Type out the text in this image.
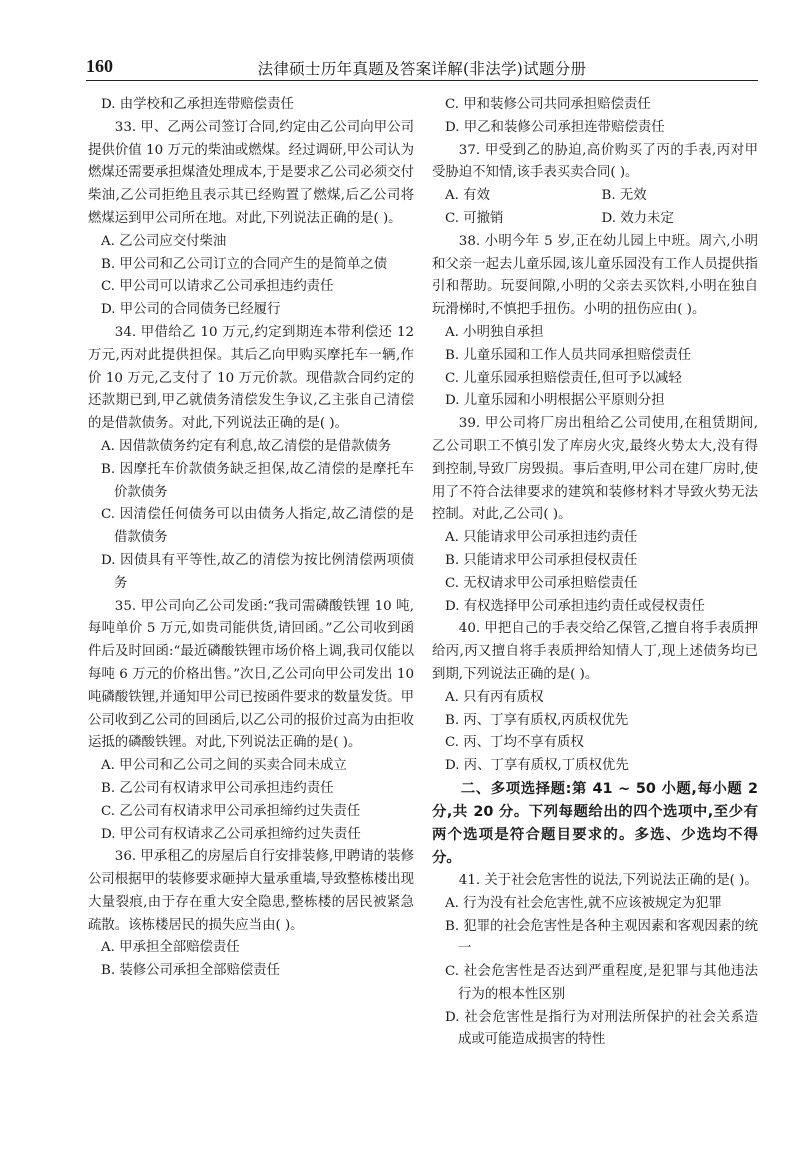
160	法律硕士历年真题及答案详解(非法学)试题分册

D. 由学校和乙承担连带赔偿责任

33. 甲、乙两公司签订合同,约定由乙公司向甲公司提供价值 10 万元的柴油或燃煤。经过调研,甲公司认为燃煤还需要承担煤渣处理成本,于是要求乙公司必须交付柴油,乙公司拒绝且表示其已经购置了燃煤,后乙公司将燃煤运到甲公司所在地。对此,下列说法正确的是( )。

A. 乙公司应交付柴油

B. 甲公司和乙公司订立的合同产生的是简单之债

C. 甲公司可以请求乙公司承担违约责任

D. 甲公司的合同债务已经履行

34. 甲借给乙 10 万元,约定到期连本带利偿还 12 万元,丙对此提供担保。其后乙向甲购买摩托车一辆,作价 10 万元,乙支付了 10 万元价款。现借款合同约定的还款期已到,甲乙就债务清偿发生争议,乙主张自己清偿的是借款债务。对此,下列说法正确的是( )。

A. 因借款债务约定有利息,故乙清偿的是借款债务

B. 因摩托车价款债务缺乏担保,故乙清偿的是摩托车价款债务

C. 因清偿任何债务可以由债务人指定,故乙清偿的是借款债务

D. 因债具有平等性,故乙的清偿为按比例清偿两项债务

35. 甲公司向乙公司发函:“我司需磷酸铁锂 10 吨,每吨单价 5 万元,如贵司能供货,请回函。”乙公司收到函件后及时回函:“最近磷酸铁锂市场价格上调,我司仅能以每吨 6 万元的价格出售。”次日,乙公司向甲公司发出 10 吨磷酸铁锂,并通知甲公司已按函件要求的数量发货。甲公司收到乙公司的回函后,以乙公司的报价过高为由拒收运抵的磷酸铁锂。对此,下列说法正确的是( )。

A. 甲公司和乙公司之间的买卖合同未成立

B. 乙公司有权请求甲公司承担违约责任

C. 乙公司有权请求甲公司承担缔约过失责任

D. 甲公司有权请求乙公司承担缔约过失责任

36. 甲承租乙的房屋后自行安排装修,甲聘请的装修公司根据甲的装修要求砸掉大量承重墙,导致整栋楼出现大量裂痕,由于存在重大安全隐患,整栋楼的居民被紧急疏散。该栋楼居民的损失应当由( )。

A. 甲承担全部赔偿责任

B. 装修公司承担全部赔偿责任

C. 甲和装修公司共同承担赔偿责任

D. 甲乙和装修公司承担连带赔偿责任

37. 甲受到乙的胁迫,高价购买了丙的手表,丙对甲受胁迫不知情,该手表买卖合同( )。

A. 有效	B. 无效
C. 可撤销	D. 效力未定

38. 小明今年 5 岁,正在幼儿园上中班。周六,小明和父亲一起去儿童乐园,该儿童乐园没有工作人员提供指引和帮助。玩耍间隙,小明的父亲去买饮料,小明在独自玩滑梯时,不慎把手扭伤。小明的扭伤应由( )。

A. 小明独自承担

B. 儿童乐园和工作人员共同承担赔偿责任

C. 儿童乐园承担赔偿责任,但可予以减轻

D. 儿童乐园和小明根据公平原则分担

39. 甲公司将厂房出租给乙公司使用,在租赁期间,乙公司职工不慎引发了库房火灾,最终火势太大,没有得到控制,导致厂房毁损。事后查明,甲公司在建厂房时,使用了不符合法律要求的建筑和装修材料才导致火势无法控制。对此,乙公司( )。

A. 只能请求甲公司承担违约责任

B. 只能请求甲公司承担侵权责任

C. 无权请求甲公司承担赔偿责任

D. 有权选择甲公司承担违约责任或侵权责任

40. 甲把自己的手表交给乙保管,乙擅自将手表质押给丙,丙又擅自将手表质押给知情人丁,现上述债务均已到期,下列说法正确的是( )。

A. 只有丙有质权

B. 丙、丁享有质权,丙质权优先

C. 丙、丁均不享有质权

D. 丙、丁享有质权,丁质权优先

二、多项选择题:第 41 ~ 50 小题,每小题 2 分,共 20 分。下列每题给出的四个选项中,至少有两个选项是符合题目要求的。多选、少选均不得分。

41. 关于社会危害性的说法,下列说法正确的是( )。

A. 行为没有社会危害性,就不应该被规定为犯罪

B. 犯罪的社会危害性是各种主观因素和客观因素的统一

C. 社会危害性是否达到严重程度,是犯罪与其他违法行为的根本性区别

D. 社会危害性是指行为对刑法所保护的社会关系造成或可能造成损害的特性
